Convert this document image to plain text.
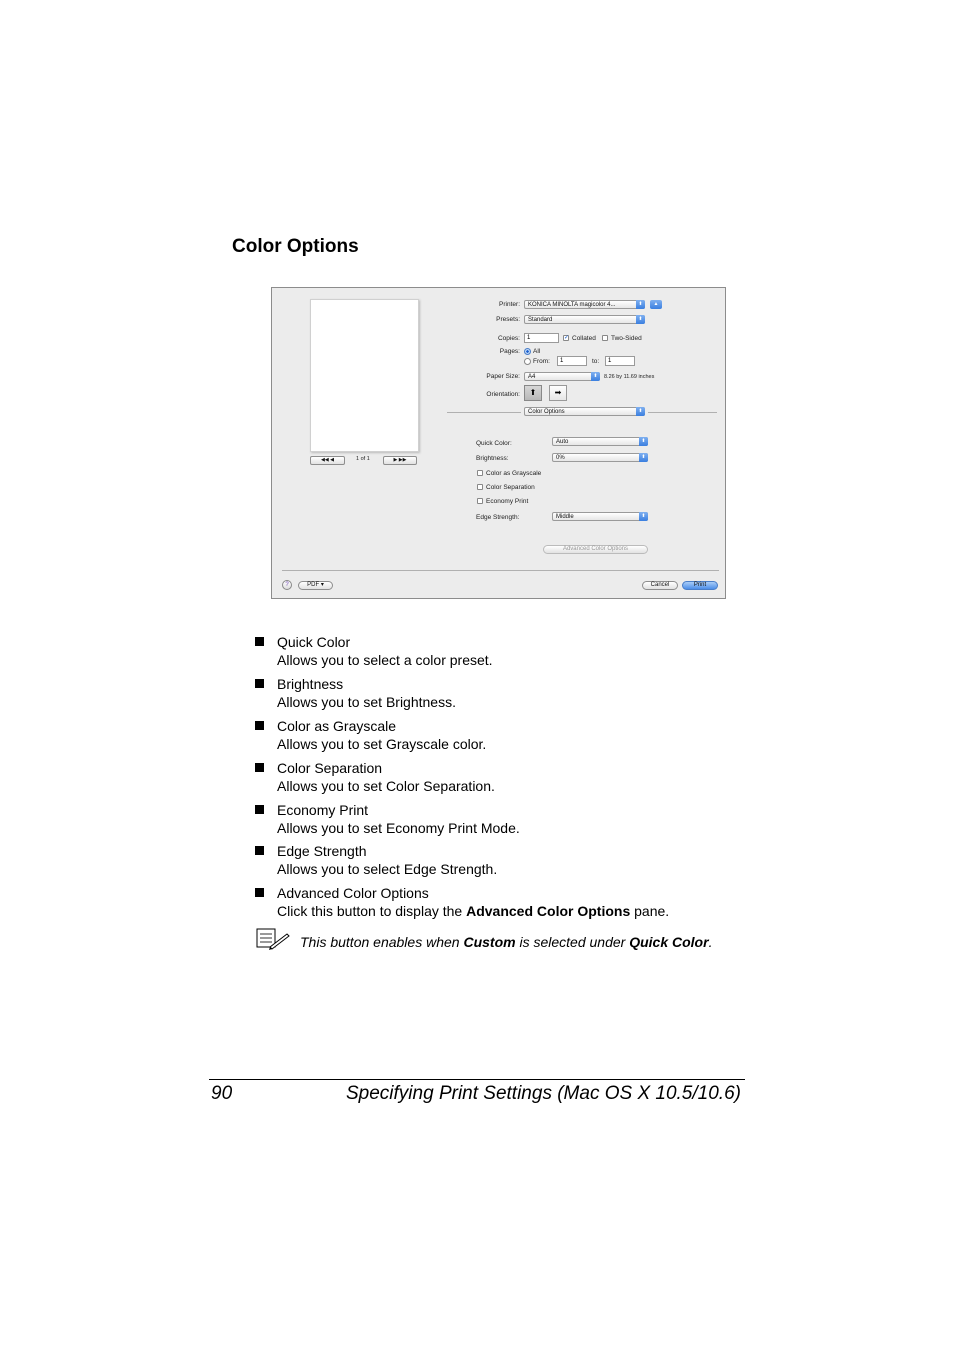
Color Options
◀◀ ◀	1 of 1	▶ ▶▶
Printer:	KONICA MINOLTA magicolor 4...	⬍	▲
Presets:	Standard	⬍
Copies:	1	✓ Collated Two-Sided
Pages: All
From:	1	to:	1
Paper Size:	A4	⬍	8.26 by 11.69 inches
Orientation:	⬆	➡
Color Options	⬍
Quick Color:	Auto	⬍
Brightness:	0%	⬍
Color as Grayscale
Color Separation
Economy Print
Edge Strength:	Middle	⬍
Advanced Color Options
?	PDF ▾	Cancel	Print
Quick Color
Allows you to select a color preset.
Brightness
Allows you to set Brightness.
Color as Grayscale
Allows you to set Grayscale color.
Color Separation
Allows you to set Color Separation.
Economy Print
Allows you to set Economy Print Mode.
Edge Strength
Allows you to select Edge Strength.
Advanced Color Options
Click this button to display the Advanced Color Options pane.
This button enables when Custom is selected under Quick Color.
90	Specifying Print Settings (Mac OS X 10.5/10.6)
